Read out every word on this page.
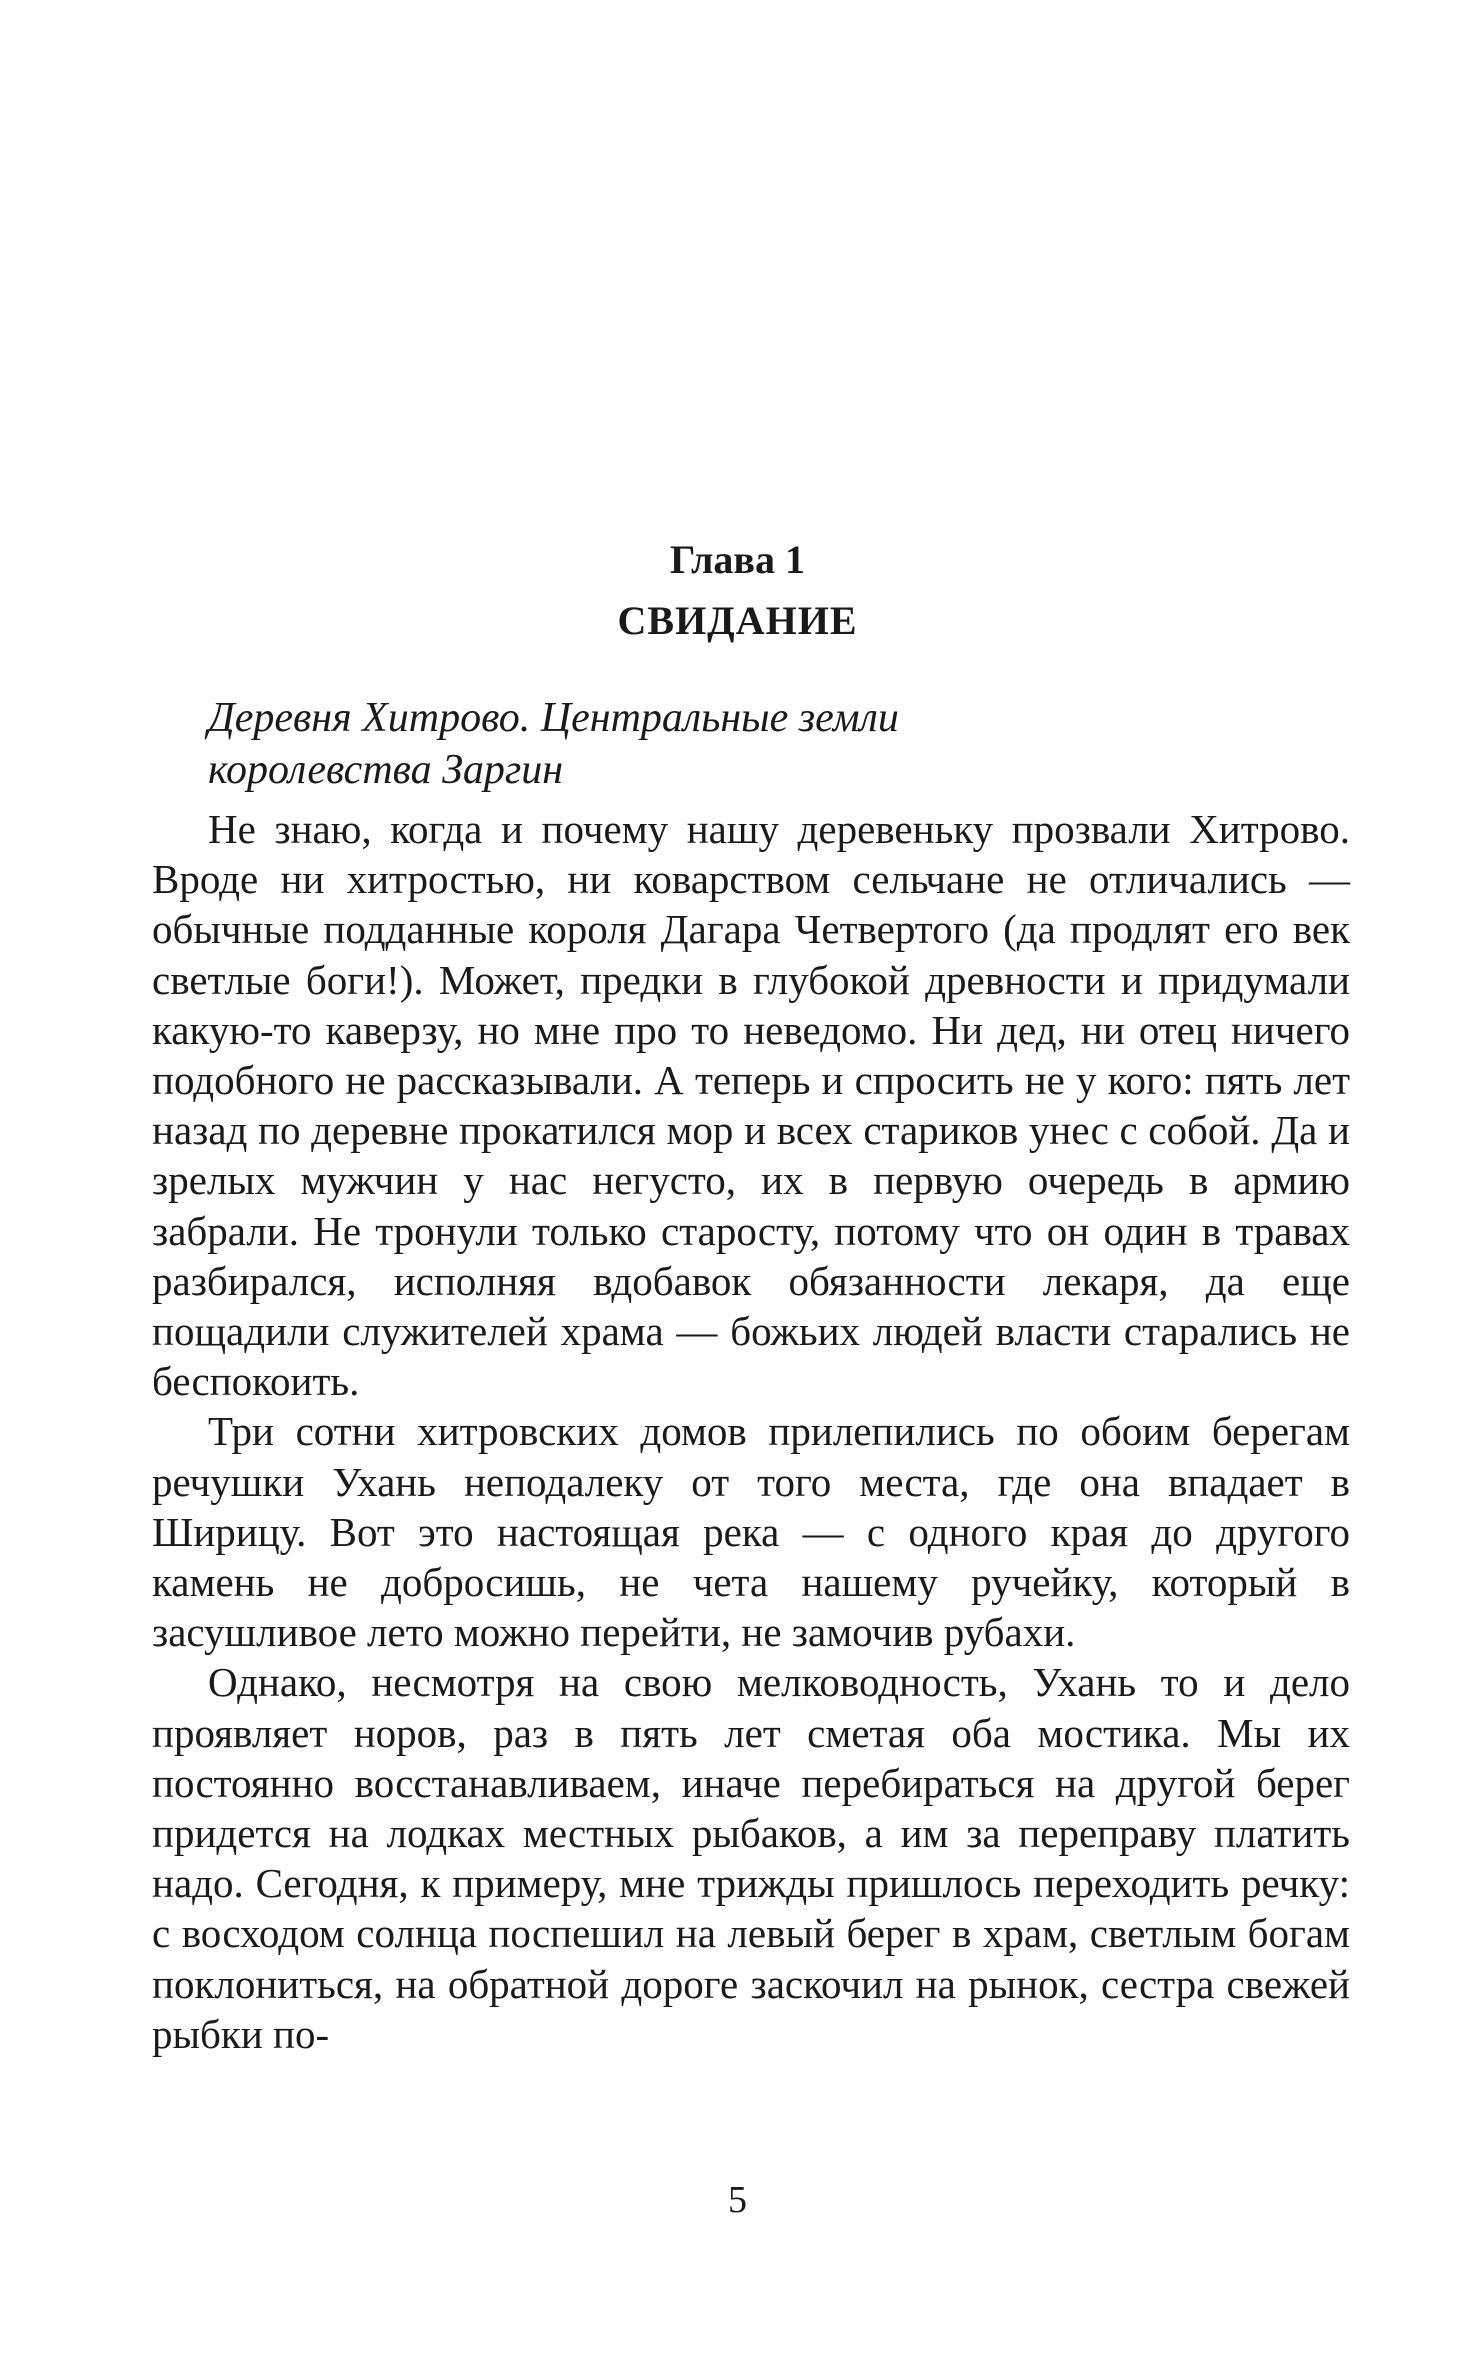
Глава 1
СВИДАНИЕ
Деревня Хитрово. Центральные земли
королевства Заргин

Не знаю, когда и почему нашу деревеньку прозвали Хитрово. Вроде ни хитростью, ни коварством сельчане не отличались — обычные подданные короля Дагара Четвертого (да продлят его век светлые боги!). Может, предки в глубокой древности и придумали какую-то каверзу, но мне про то неведомо. Ни дед, ни отец ничего подобного не рассказывали. А теперь и спросить не у кого: пять лет назад по деревне прокатился мор и всех стариков унес с собой. Да и зрелых мужчин у нас негусто, их в первую очередь в армию забрали. Не тронули только старосту, потому что он один в травах разбирался, исполняя вдобавок обязанности лекаря, да еще пощадили служителей храма — божьих людей власти старались не беспокоить.

Три сотни хитровских домов прилепились по обоим берегам речушки Ухань неподалеку от того места, где она впадает в Ширицу. Вот это настоящая река — с одного края до другого камень не добросишь, не чета нашему ручейку, который в засушливое лето можно перейти, не замочив рубахи.

Однако, несмотря на свою мелководность, Ухань то и дело проявляет норов, раз в пять лет сметая оба мостика. Мы их постоянно восстанавливаем, иначе перебираться на другой берег придется на лодках местных рыбаков, а им за переправу платить надо. Сегодня, к примеру, мне трижды пришлось переходить речку: с восходом солнца поспешил на левый берег в храм, светлым богам поклониться, на обратной дороге заскочил на рынок, сестра свежей рыбки по-

5
